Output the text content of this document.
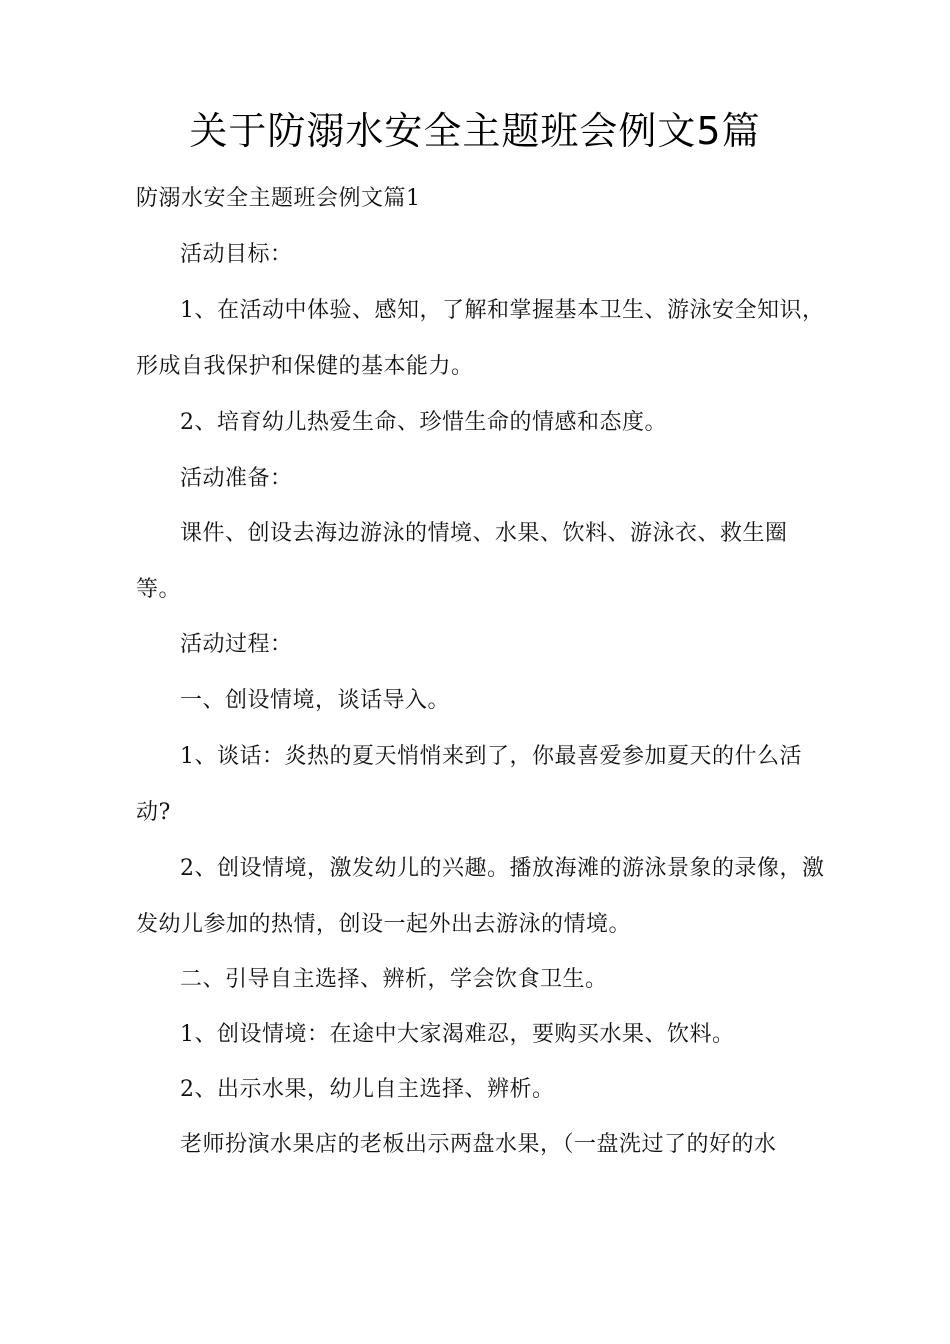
关于防溺水安全主题班会例文5篇
防溺水安全主题班会例文篇1
活动目标：
1、在活动中体验、感知，了解和掌握基本卫生、游泳安全知识，
形成自我保护和保健的基本能力。
2、培育幼儿热爱生命、珍惜生命的情感和态度。
活动准备：
课件、创设去海边游泳的情境、水果、饮料、游泳衣、救生圈
等。
活动过程：
一、创设情境，谈话导入。
1、谈话：炎热的夏天悄悄来到了，你最喜爱参加夏天的什么活
动?
2、创设情境，激发幼儿的兴趣。播放海滩的游泳景象的录像，激
发幼儿参加的热情，创设一起外出去游泳的情境。
二、引导自主选择、辨析，学会饮食卫生。
1、创设情境：在途中大家渴难忍，要购买水果、饮料。
2、出示水果，幼儿自主选择、辨析。
老师扮演水果店的老板出示两盘水果，（一盘洗过了的好的水
